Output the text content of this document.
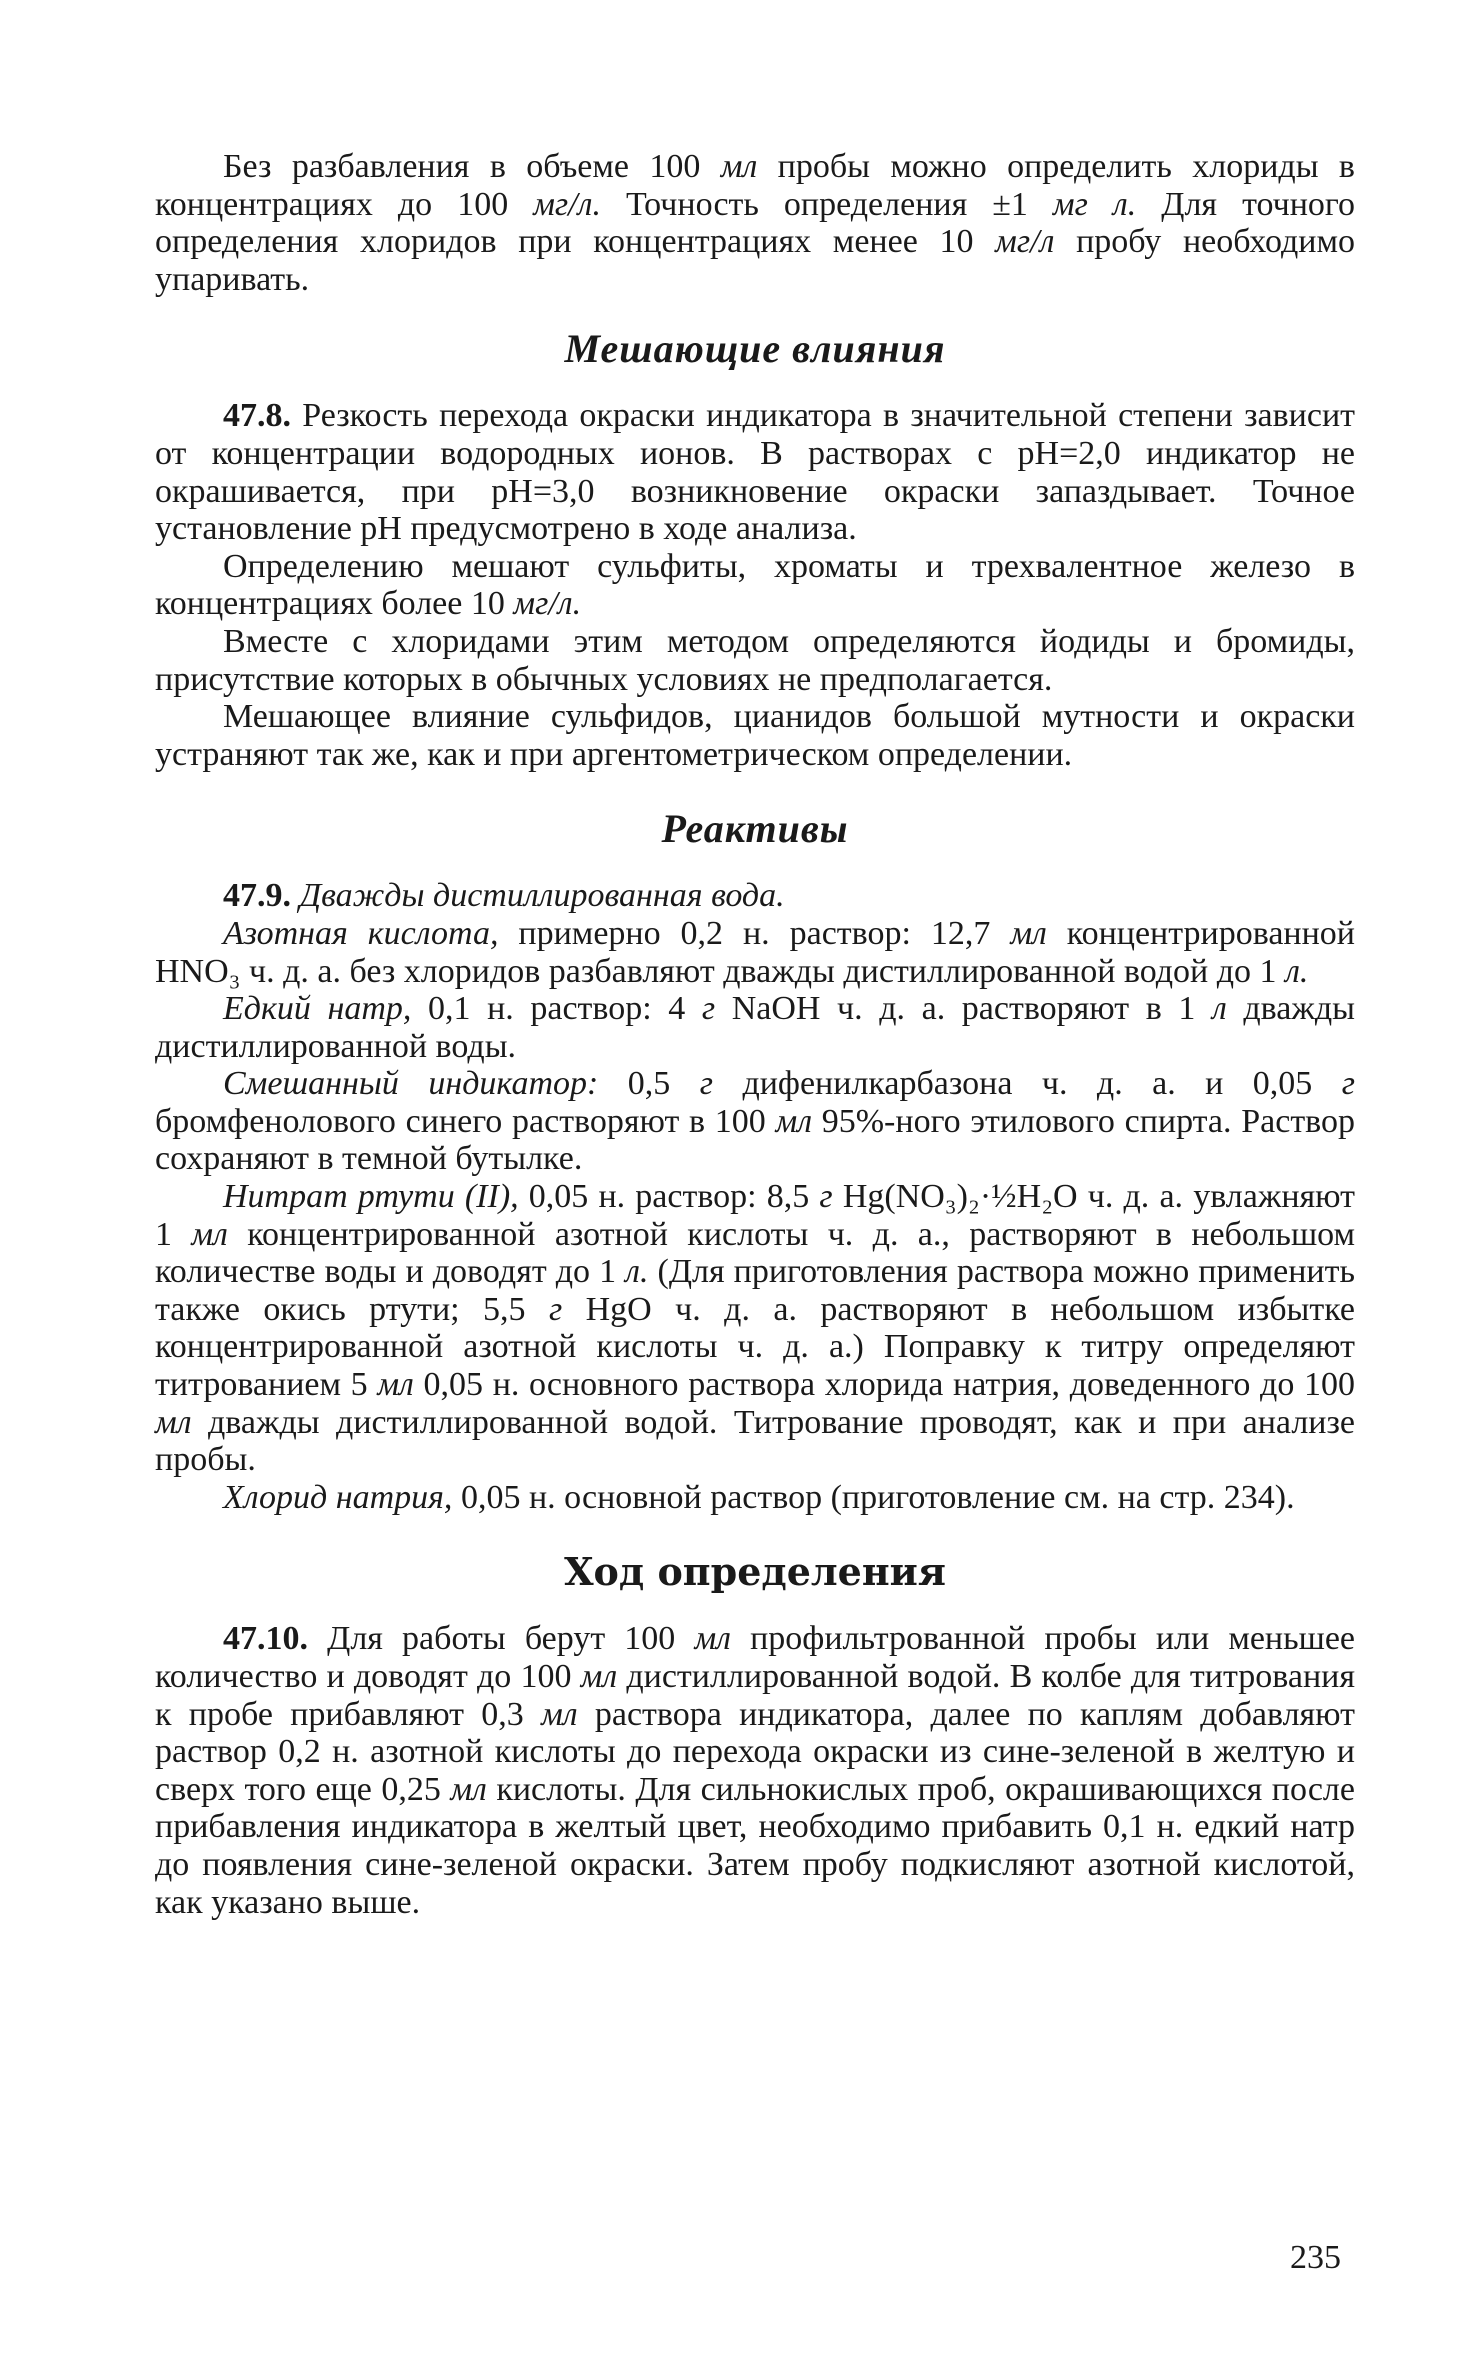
Без разбавления в объеме 100 мл пробы можно определить хлориды в концентрациях до 100 мг/л. Точность определения ±1 мг л. Для точного определения хлоридов при концентрациях менее 10 мг/л пробу необходимо упаривать.

Мешающие влияния

47.8. Резкость перехода окраски индикатора в значительной степени зависит от концентрации водородных ионов. В растворах с pH=2,0 индикатор не окрашивается, при pH=3,0 возникновение окраски запаздывает. Точное установление pH предусмотрено в ходе анализа.

Определению мешают сульфиты, хроматы и трехвалентное железо в концентрациях более 10 мг/л.

Вместе с хлоридами этим методом определяются йодиды и бромиды, присутствие которых в обычных условиях не предполагается.

Мешающее влияние сульфидов, цианидов большой мутности и окраски устраняют так же, как и при аргентометрическом определении.

Реактивы

47.9. Дважды дистиллированная вода.

Азотная кислота, примерно 0,2 н. раствор: 12,7 мл концентрированной HNO₃ ч. д. а. без хлоридов разбавляют дважды дистиллированной водой до 1 л.

Едкий натр, 0,1 н. раствор: 4 г NaOH ч. д. а. растворяют в 1 л дважды дистиллированной воды.

Смешанный индикатор: 0,5 г дифенилкарбазона ч. д. а. и 0,05 г бромфенолового синего растворяют в 100 мл 95%-ного этилового спирта. Раствор сохраняют в темной бутылке.

Нитрат ртути (II), 0,05 н. раствор: 8,5 г Hg(NO₃)₂·½H₂O ч. д. а. увлажняют 1 мл концентрированной азотной кислоты ч. д. а., растворяют в небольшом количестве воды и доводят до 1 л. (Для приготовления раствора можно применить также окись ртути; 5,5 г HgO ч. д. а. растворяют в небольшом избытке концентрированной азотной кислоты ч. д. а.) Поправку к титру определяют титрованием 5 мл 0,05 н. основного раствора хлорида натрия, доведенного до 100 мл дважды дистиллированной водой. Титрование проводят, как и при анализе пробы.

Хлорид натрия, 0,05 н. основной раствор (приготовление см. на стр. 234).

Ход определения

47.10. Для работы берут 100 мл профильтрованной пробы или меньшее количество и доводят до 100 мл дистиллированной водой. В колбе для титрования к пробе прибавляют 0,3 мл раствора индикатора, далее по каплям добавляют раствор 0,2 н. азотной кислоты до перехода окраски из сине-зеленой в желтую и сверх того еще 0,25 мл кислоты. Для сильнокислых проб, окрашивающихся после прибавления индикатора в желтый цвет, необходимо прибавить 0,1 н. едкий натр до появления сине-зеленой окраски. Затем пробу подкисляют азотной кислотой, как указано выше.

235
